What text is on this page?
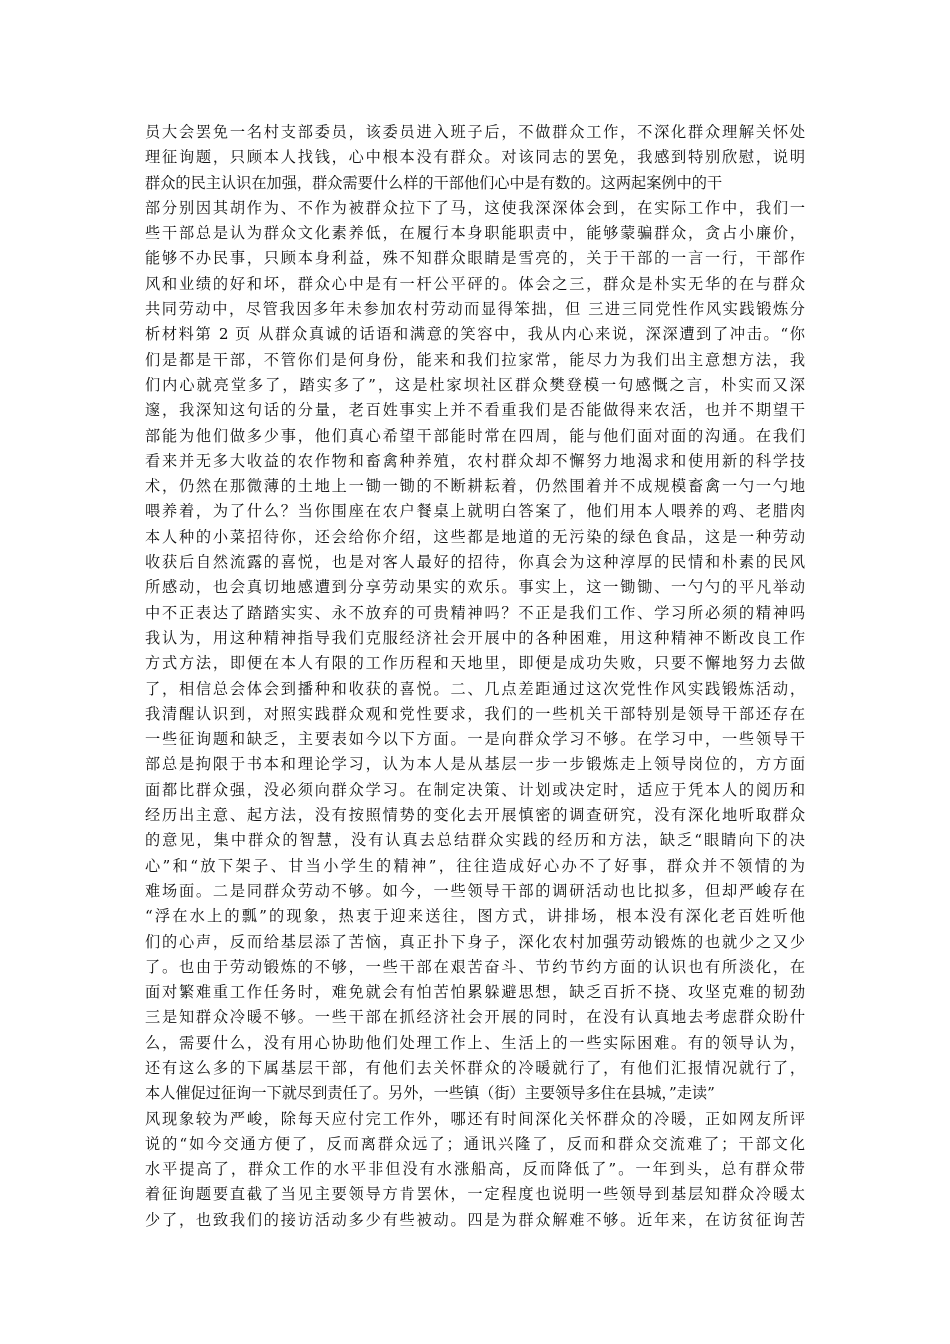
员大会罢免一名村支部委员，该委员进入班子后，不做群众工作，不深化群众理解关怀处
理征询题，只顾本人找钱，心中根本没有群众。对该同志的罢免，我感到特别欣慰，说明
群众的民主认识在加强，群众需要什么样的干部他们心中是有数的。这两起案例中的干
部分别因其胡作为、不作为被群众拉下了马，这使我深深体会到，在实际工作中，我们一
些干部总是认为群众文化素养低，在履行本身职能职责中，能够蒙骗群众，贪占小廉价，
能够不办民事，只顾本身利益，殊不知群众眼睛是雪亮的，关于干部的一言一行，干部作
风和业绩的好和坏，群众心中是有一杆公平砰的。体会之三，群众是朴实无华的在与群众
共同劳动中，尽管我因多年未参加农村劳动而显得笨拙，但 三进三同党性作风实践锻炼分
析材料第 2 页 从群众真诚的话语和满意的笑容中，我从内心来说，深深遭到了冲击。“你
们是都是干部，不管你们是何身份，能来和我们拉家常，能尽力为我们出主意想方法，我
们内心就亮堂多了，踏实多了”，这是杜家坝社区群众樊登模一句感慨之言，朴实而又深
邃，我深知这句话的分量，老百姓事实上并不看重我们是否能做得来农活，也并不期望干
部能为他们做多少事，他们真心希望干部能时常在四周，能与他们面对面的沟通。在我们
看来并无多大收益的农作物和畜禽种养殖，农村群众却不懈努力地渴求和使用新的科学技
术，仍然在那微薄的土地上一锄一锄的不断耕耘着，仍然围着并不成规模畜禽一勺一勺地
喂养着，为了什么？当你围座在农户餐桌上就明白答案了，他们用本人喂养的鸡、老腊肉
本人种的小菜招待你，还会给你介绍，这些都是地道的无污染的绿色食品，这是一种劳动
收获后自然流露的喜悦，也是对客人最好的招待，你真会为这种淳厚的民情和朴素的民风
所感动，也会真切地感遭到分享劳动果实的欢乐。事实上，这一锄锄、一勺勺的平凡举动
中不正表达了踏踏实实、永不放弃的可贵精神吗？不正是我们工作、学习所必须的精神吗
我认为，用这种精神指导我们克服经济社会开展中的各种困难，用这种精神不断改良工作
方式方法，即便在本人有限的工作历程和天地里，即便是成功失败，只要不懈地努力去做
了，相信总会体会到播种和收获的喜悦。二、几点差距通过这次党性作风实践锻炼活动，
我清醒认识到，对照实践群众观和党性要求，我们的一些机关干部特别是领导干部还存在
一些征询题和缺乏，主要表如今以下方面。一是向群众学习不够。在学习中，一些领导干
部总是拘限于书本和理论学习，认为本人是从基层一步一步锻炼走上领导岗位的，方方面
面都比群众强，没必须向群众学习。在制定决策、计划或决定时，适应于凭本人的阅历和
经历出主意、起方法，没有按照情势的变化去开展慎密的调查研究，没有深化地听取群众
的意见，集中群众的智慧，没有认真去总结群众实践的经历和方法，缺乏“眼睛向下的决
心”和“放下架子、甘当小学生的精神”，往往造成好心办不了好事，群众并不领情的为
难场面。二是同群众劳动不够。如今，一些领导干部的调研活动也比拟多，但却严峻存在
“浮在水上的瓢”的现象，热衷于迎来送往，图方式，讲排场，根本没有深化老百姓听他
们的心声，反而给基层添了苦恼，真正扑下身子，深化农村加强劳动锻炼的也就少之又少
了。也由于劳动锻炼的不够，一些干部在艰苦奋斗、节约节约方面的认识也有所淡化，在
面对繁难重工作任务时，难免就会有怕苦怕累躲避思想，缺乏百折不挠、攻坚克难的韧劲
三是知群众冷暖不够。一些干部在抓经济社会开展的同时，在没有认真地去考虑群众盼什
么，需要什么，没有用心协助他们处理工作上、生活上的一些实际困难。有的领导认为，
还有这么多的下属基层干部，有他们去关怀群众的冷暖就行了，有他们汇报情况就行了，
本人催促过征询一下就尽到责任了。另外，一些镇（街）主要领导多住在县城，”走读”
风现象较为严峻，除每天应付完工作外，哪还有时间深化关怀群众的冷暖，正如网友所评
说的“如今交通方便了，反而离群众远了；通讯兴隆了，反而和群众交流难了；干部文化
水平提高了，群众工作的水平非但没有水涨船高，反而降低了”。一年到头，总有群众带
着征询题要直截了当见主要领导方肯罢休，一定程度也说明一些领导到基层知群众冷暖太
少了，也致我们的接访活动多少有些被动。四是为群众解难不够。近年来，在访贫征询苦
